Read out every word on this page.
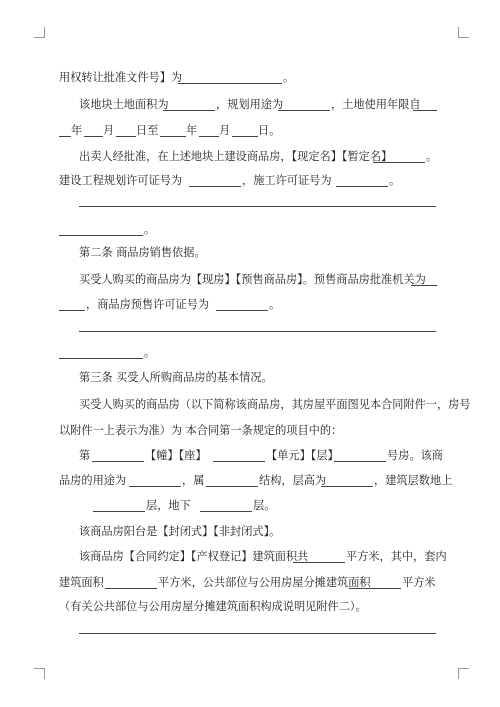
用权转让批准文件号】为	。
该地块土地面积为	，规划用途为	，土地使用年限自
年 月 日至 年 月 日。
出卖人经批准，在上述地块上建设商品房，【现定名】【暂定名】	。
建设工程规划许可证号为	，施工许可证号为	。
。
第二条 商品房销售依据。
买受人购买的商品房为【现房】【预售商品房】。预售商品房批准机关为
，商品房预售许可证号为	。
。
第三条 买受人所购商品房的基本情况。
买受人购买的商品房（以下简称该商品房，其房屋平面图见本合同附件一，房号
以附件一上表示为准）为 本合同第一条规定的项目中的：
第	【幢】【座】	【单元】【层】	号房。该商
品房的用途为	，属	结构，层高为	，建筑层数地上
层，地下	层。
该商品房阳台是【封闭式】【非封闭式】。
该商品房【合同约定】【产权登记】建筑面积共	平方米，其中，套内
建筑面积	平方米，公共部位与公用房屋分摊建筑面积	平方米
（有关公共部位与公用房屋分摊建筑面积构成说明见附件二）。
